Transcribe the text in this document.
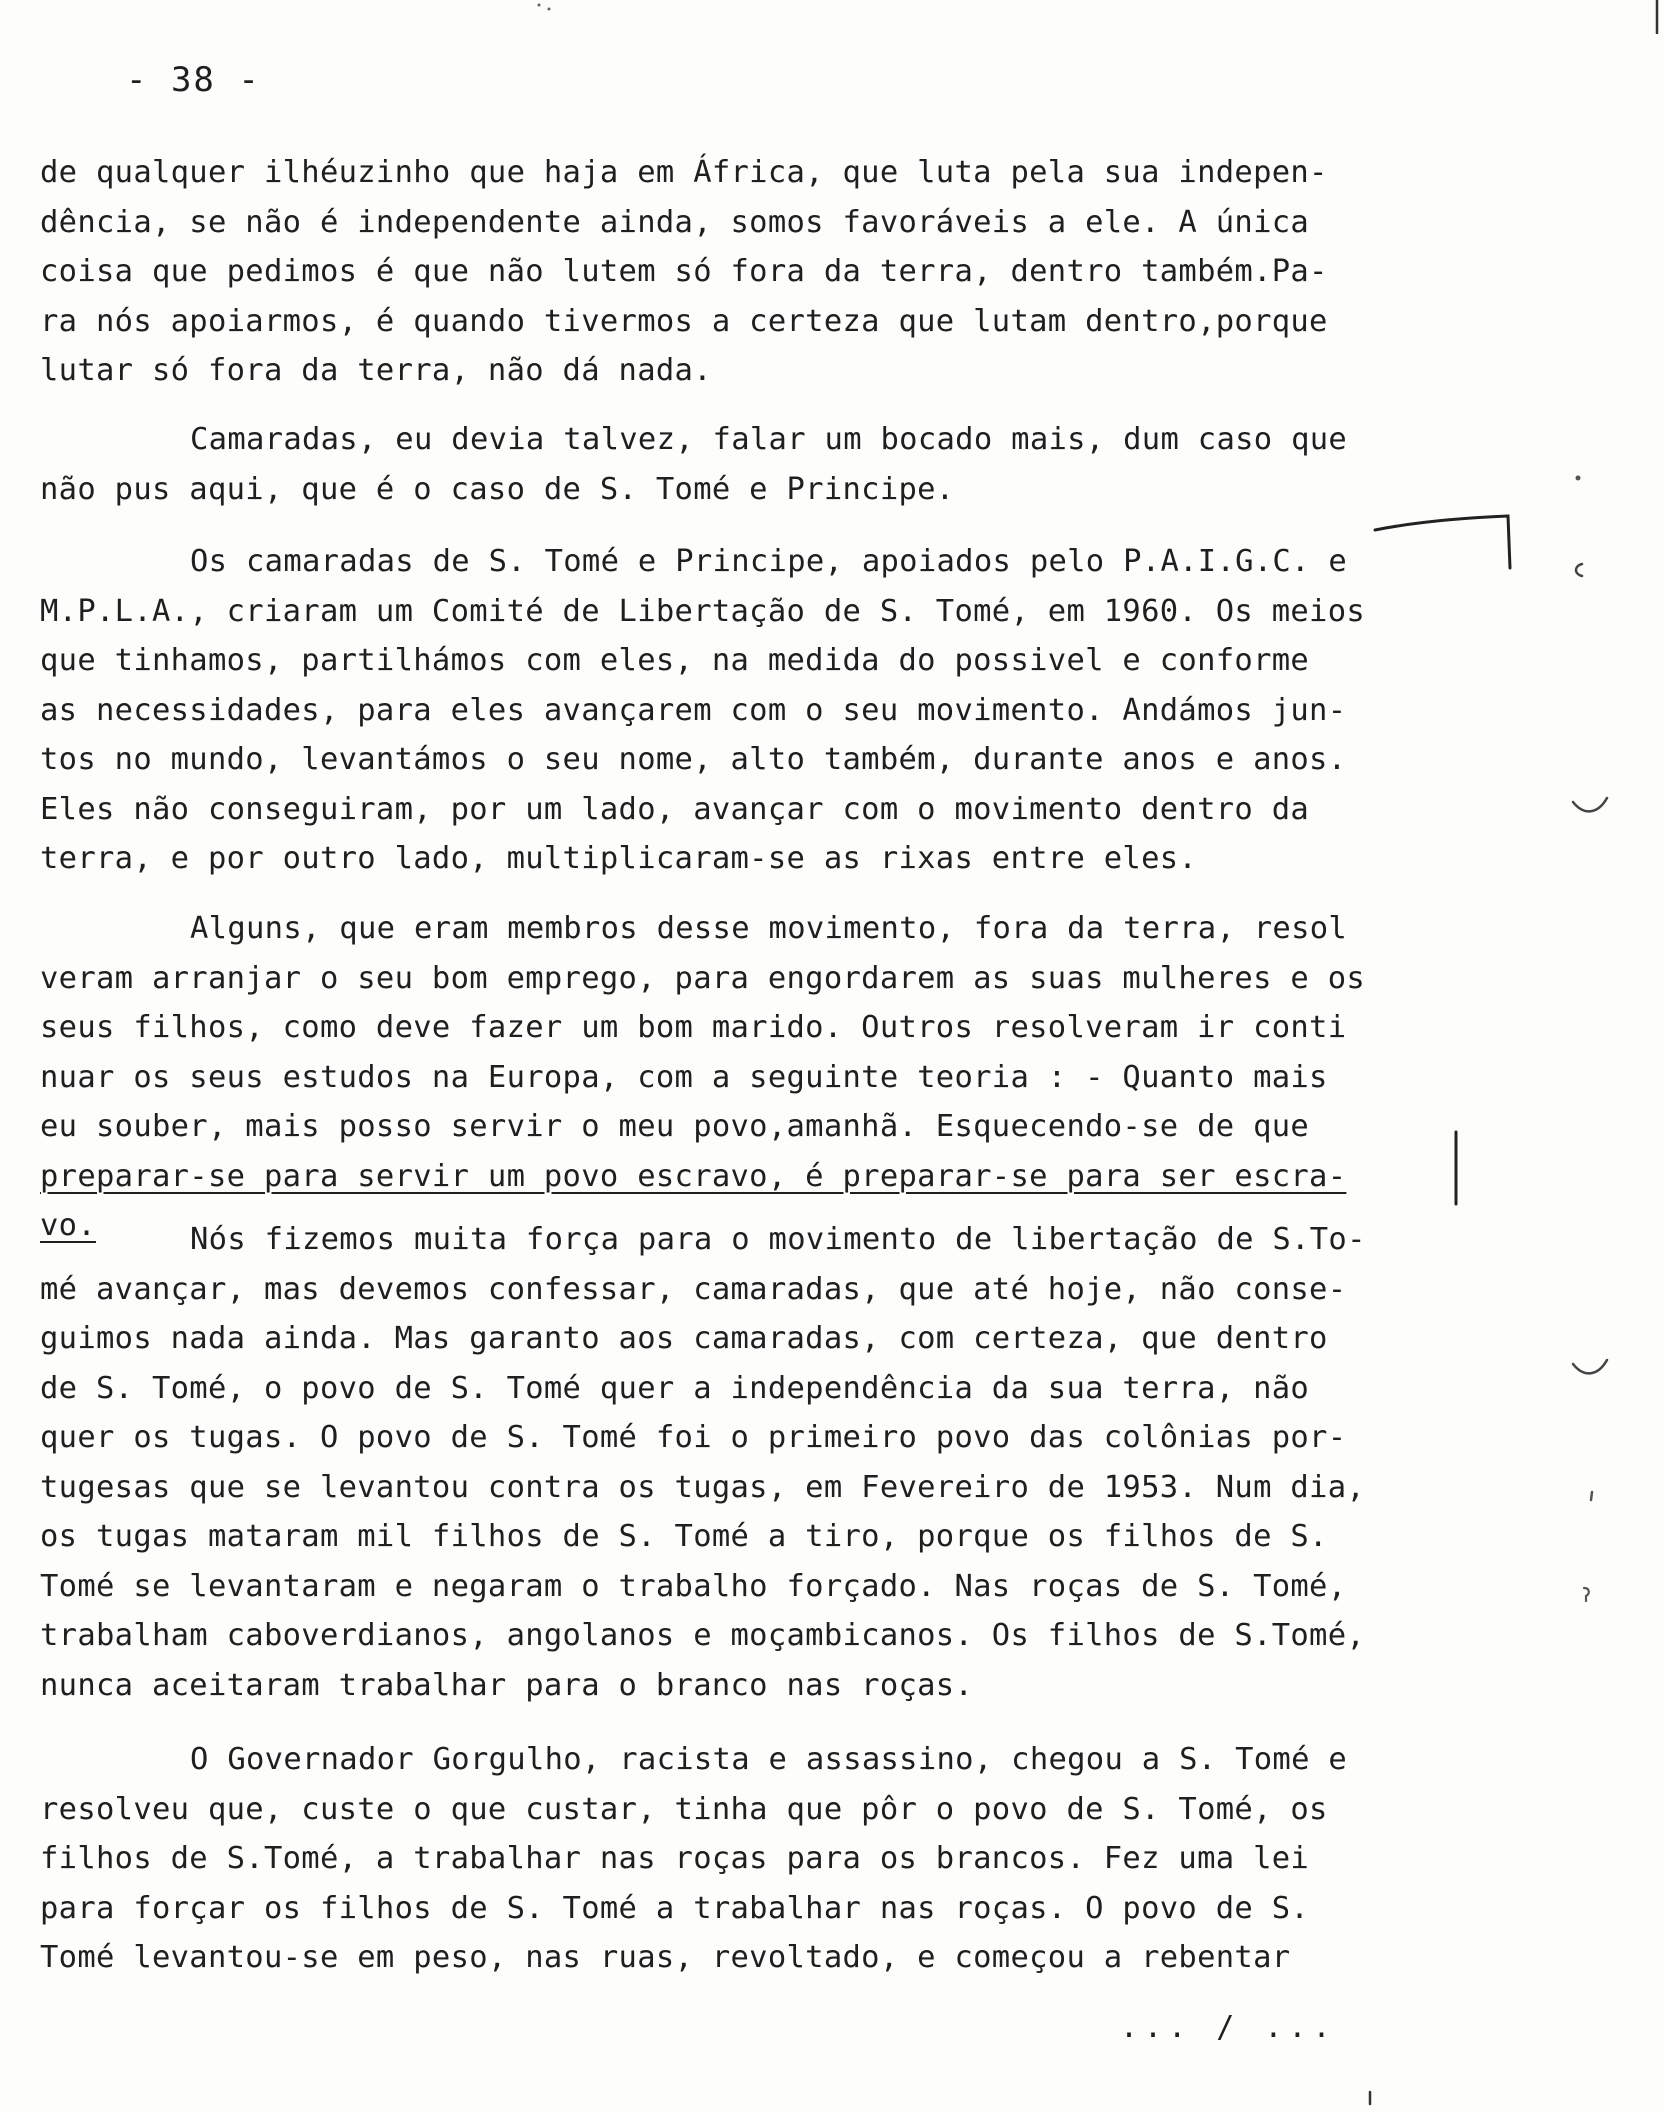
- 38 -
de qualquer ilhéuzinho que haja em África, que luta pela sua indepen-
dência, se não é independente ainda, somos favoráveis a ele. A única
coisa que pedimos é que não lutem só fora da terra, dentro também.Pa-
ra nós apoiarmos, é quando tivermos a certeza que lutam dentro,porque
lutar só fora da terra, não dá nada.
Camaradas, eu devia talvez, falar um bocado mais, dum caso que
não pus aqui, que é o caso de S. Tomé e Principe.
Os camaradas de S. Tomé e Principe, apoiados pelo P.A.I.G.C. e
M.P.L.A., criaram um Comité de Libertação de S. Tomé, em 1960. Os meios
que tinhamos, partilhámos com eles, na medida do possivel e conforme
as necessidades, para eles avançarem com o seu movimento. Andámos jun-
tos no mundo, levantámos o seu nome, alto também, durante anos e anos.
Eles não conseguiram, por um lado, avançar com o movimento dentro da
terra, e por outro lado, multiplicaram-se as rixas entre eles.
Alguns, que eram membros desse movimento, fora da terra, resol
veram arranjar o seu bom emprego, para engordarem as suas mulheres e os
seus filhos, como deve fazer um bom marido. Outros resolveram ir conti
nuar os seus estudos na Europa, com a seguinte teoria : - Quanto mais
eu souber, mais posso servir o meu povo,amanhã. Esquecendo-se de que
preparar-se para servir um povo escravo, é preparar-se para ser escra-
vo.	Nós fizemos muita força para o movimento de libertação de S.To-
mé avançar, mas devemos confessar, camaradas, que até hoje, não conse-
guimos nada ainda. Mas garanto aos camaradas, com certeza, que dentro
de S. Tomé, o povo de S. Tomé quer a independência da sua terra, não
quer os tugas. O povo de S. Tomé foi o primeiro povo das colônias por-
tugesas que se levantou contra os tugas, em Fevereiro de 1953. Num dia,
os tugas mataram mil filhos de S. Tomé a tiro, porque os filhos de S.
Tomé se levantaram e negaram o trabalho forçado. Nas roças de S. Tomé,
trabalham caboverdianos, angolanos e moçambicanos. Os filhos de S.Tomé,
nunca aceitaram trabalhar para o branco nas roças.
O Governador Gorgulho, racista e assassino, chegou a S. Tomé e
resolveu que, custe o que custar, tinha que pôr o povo de S. Tomé, os
filhos de S.Tomé, a trabalhar nas roças para os brancos. Fez uma lei
para forçar os filhos de S. Tomé a trabalhar nas roças. O povo de S.
Tomé levantou-se em peso, nas ruas, revoltado, e começou a rebentar
... / ...
